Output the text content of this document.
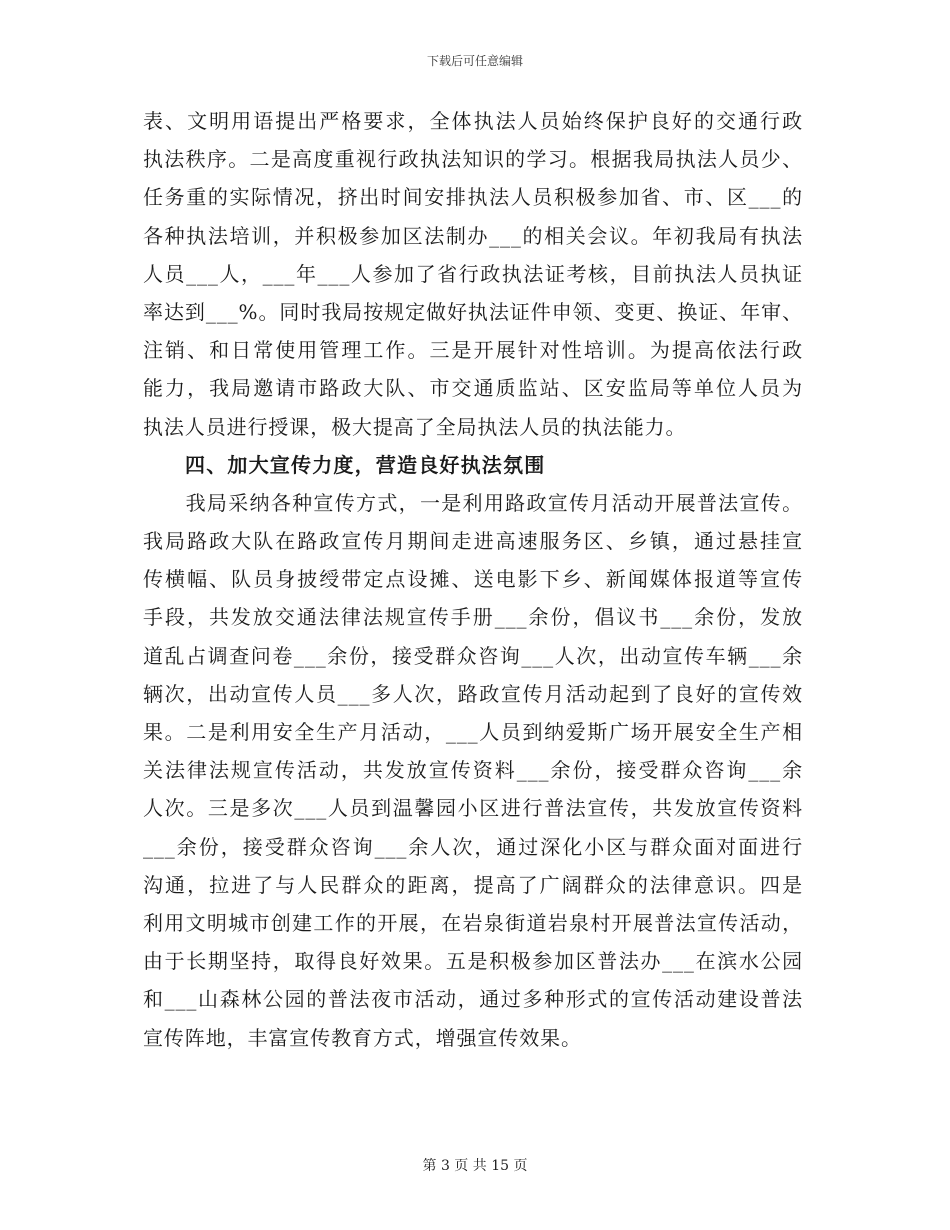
下载后可任意编辑
表、文明用语提出严格要求，全体执法人员始终保护良好的交通行政
执法秩序。二是高度重视行政执法知识的学习。根据我局执法人员少、
任务重的实际情况，挤出时间安排执法人员积极参加省、市、区___的
各种执法培训，并积极参加区法制办___的相关会议。年初我局有执法
人员___人，___年___人参加了省行政执法证考核，目前执法人员执证
率达到___%。同时我局按规定做好执法证件申领、变更、换证、年审、
注销、和日常使用管理工作。三是开展针对性培训。为提高依法行政
能力，我局邀请市路政大队、市交通质监站、区安监局等单位人员为
执法人员进行授课，极大提高了全局执法人员的执法能力。
四、加大宣传力度，营造良好执法氛围
　　我局采纳各种宣传方式，一是利用路政宣传月活动开展普法宣传。
我局路政大队在路政宣传月期间走进高速服务区、乡镇，通过悬挂宣
传横幅、队员身披绶带定点设摊、送电影下乡、新闻媒体报道等宣传
手段，共发放交通法律法规宣传手册___余份，倡议书___余份，发放
道乱占调查问卷___余份，接受群众咨询___人次，出动宣传车辆___余
辆次，出动宣传人员___多人次，路政宣传月活动起到了良好的宣传效
果。二是利用安全生产月活动，___人员到纳爱斯广场开展安全生产相
关法律法规宣传活动，共发放宣传资料___余份，接受群众咨询___余
人次。三是多次___人员到温馨园小区进行普法宣传，共发放宣传资料
___余份，接受群众咨询___余人次，通过深化小区与群众面对面进行
沟通，拉进了与人民群众的距离，提高了广阔群众的法律意识。四是
利用文明城市创建工作的开展，在岩泉街道岩泉村开展普法宣传活动，
由于长期坚持，取得良好效果。五是积极参加区普法办___在滨水公园
和___山森林公园的普法夜市活动，通过多种形式的宣传活动建设普法
宣传阵地，丰富宣传教育方式，增强宣传效果。
第 3 页 共 15 页
